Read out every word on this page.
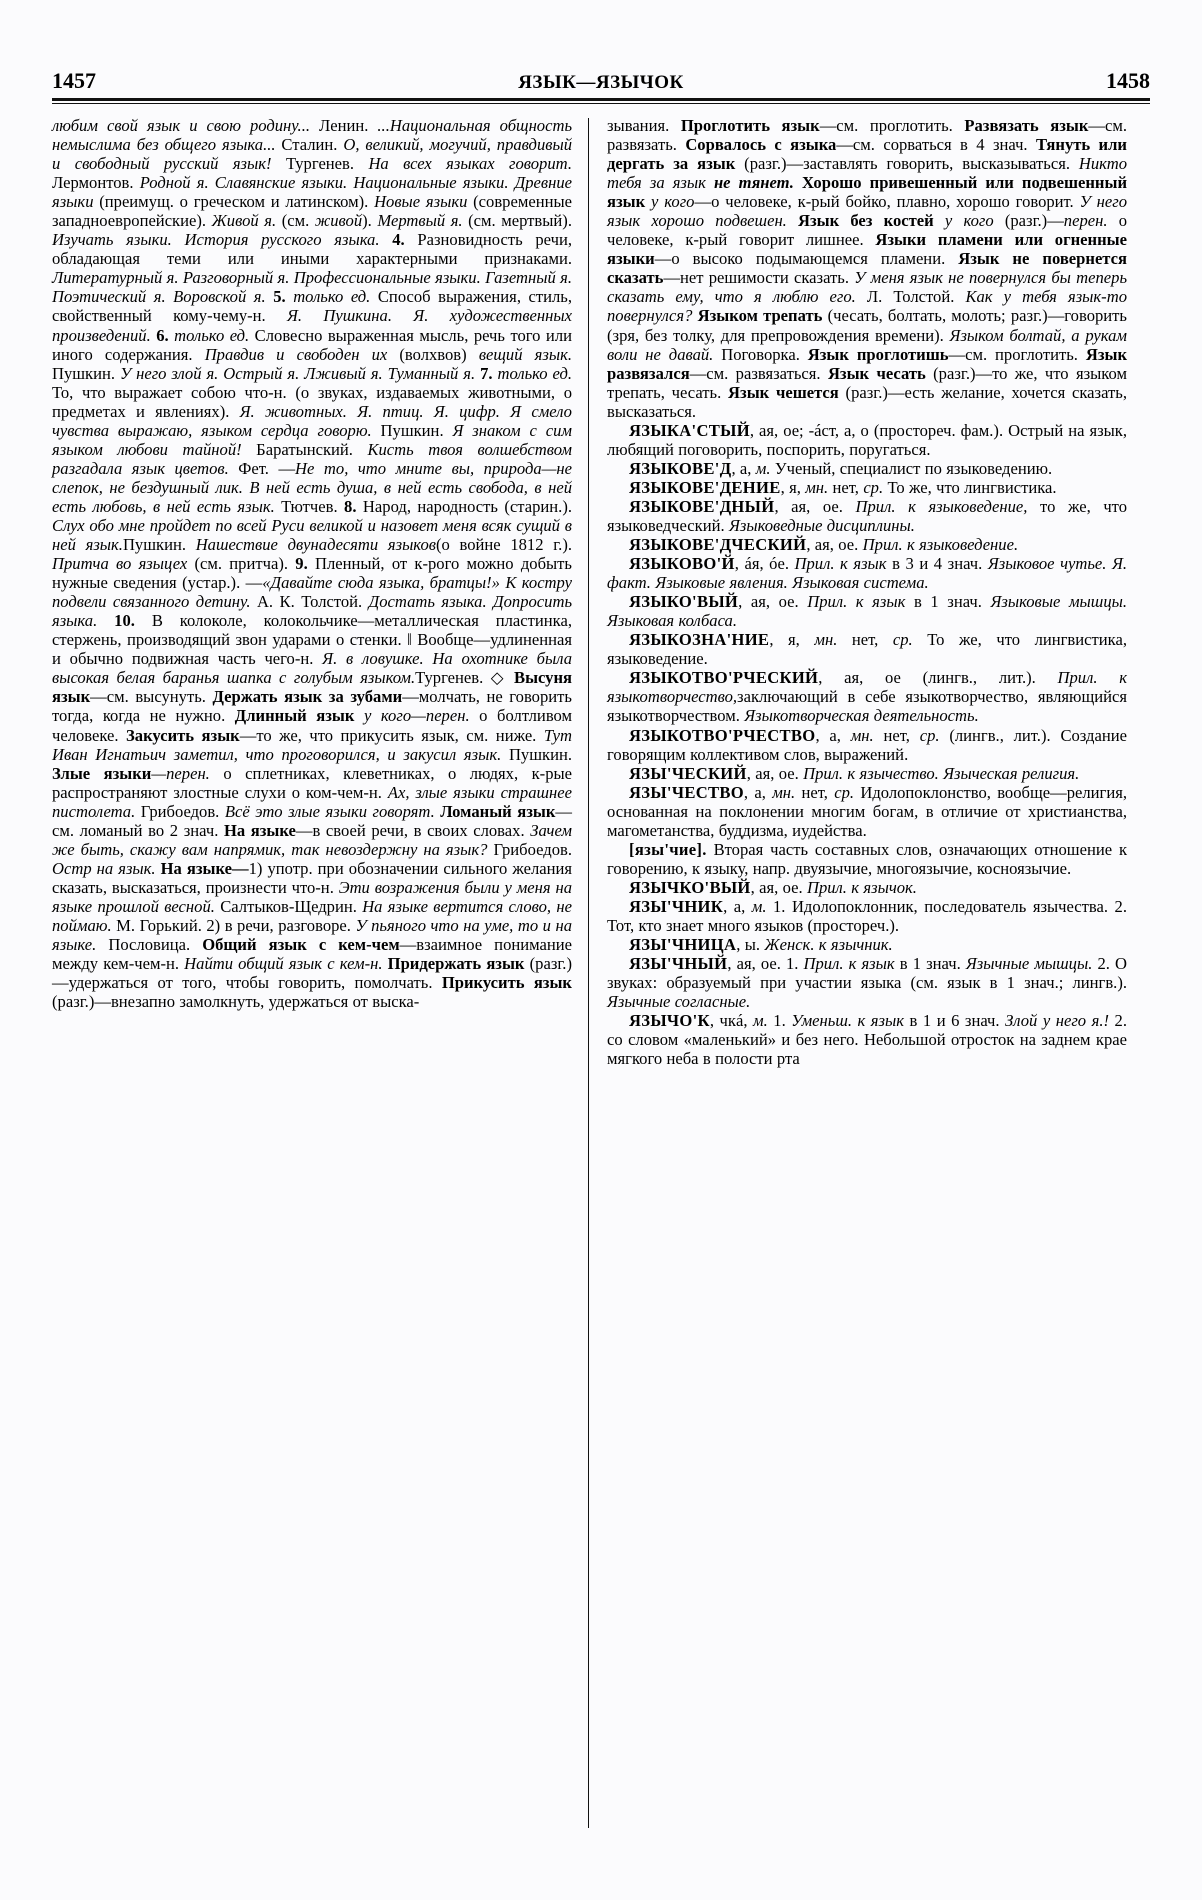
1457	ЯЗЫК—ЯЗЫЧОК	1458

любим свой язык и свою родину... Ленин. ...Национальная общность немыслима без общего языка... Сталин. О, великий, могучий, правдивый и свободный русский язык! Тургенев. На всех языках говорит. Лермонтов. Родной я. Славянские языки. Национальные языки. Древние языки (преимущ. о греческом и латинском). Новые языки (современные западноевропейские). Живой я. (см. живой). Мертвый я. (см. мертвый). Изучать языки. История русского языка. 4. Разновидность речи, обладающая теми или иными характерными признаками. Литературный я. Разговорный я. Профессиональные языки. Газетный я. Поэтический я. Воровской я. 5. только ед. Способ выражения, стиль, свойственный кому-чему-н. Я. Пушкина. Я. художественных произведений. 6. только ед. Словесно выраженная мысль, речь того или иного содержания. Правдив и свободен их (волхвов) вещий язык. Пушкин. У него злой я. Острый я. Лживый я. Туманный я. 7. только ед. То, что выражает собою что-н. (о звуках, издаваемых животными, о предметах и явлениях). Я. животных. Я. птиц. Я. цифр. Я смело чувства выражаю, языком сердца говорю. Пушкин. Я знаком с сим языком любови тайной! Баратынский. Кисть твоя волшебством разгадала язык цветов. Фет. —Не то, что мните вы, природа—не слепок, не бездушный лик. В ней есть душа, в ней есть свобода, в ней есть любовь, в ней есть язык. Тютчев. 8. Народ, народность (старин.). Слух обо мне пройдет по всей Руси великой и назовет меня всяк сущий в ней язык.Пушкин. Нашествие двунадесяти языков(о войне 1812 г.). Притча во языцех (см. притча). 9. Пленный, от к-рого можно добыть нужные сведения (устар.). —«Давайте сюда языка, братцы!» К костру подвели связанного детину. А. К. Толстой. Достать языка. Допросить языка. 10. В колоколе, колокольчике—металлическая пластинка, стержень, производящий звон ударами о стенки. ‖ Вообще—удлиненная и обычно подвижная часть чего-н. Я. в ловушке. На охотнике была высокая белая баранья шапка с голубым языком.Тургенев. ◇ Высуня язык—см. высунуть. Держать язык за зубами—молчать, не говорить тогда, когда не нужно. Длинный язык у кого—перен. о болтливом человеке. Закусить язык—то же, что прикусить язык, см. ниже. Тут Иван Игнатьич заметил, что проговорился, и закусил язык. Пушкин. Злые языки—перен. о сплетниках, клеветниках, о людях, к-рые распространяют злостные слухи о ком-чем-н. Ах, злые языки страшнее пистолета. Грибоедов. Всё это злые языки говорят. Ломаный язык—см. ломаный во 2 знач. На языке—в своей речи, в своих словах. Зачем же быть, скажу вам напрямик, так невоздержну на язык? Грибоедов. Остр на язык. На языке—1) употр. при обозначении сильного желания сказать, высказаться, произнести что-н. Эти возражения были у меня на языке прошлой весной. Салтыков-Щедрин. На языке вертится слово, не поймаю. М. Горький. 2) в речи, разговоре. У пьяного что на уме, то и на языке. Пословица. Общий язык с кем-чем—взаимное понимание между кем-чем-н. Найти общий язык с кем-н. Придержать язык (разг.)—удержаться от того, чтобы говорить, помолчать. Прикусить язык (разг.)—внезапно замолкнуть, удержаться от выска-

зывания. Проглотить язык—см. проглотить. Развязать язык—см. развязать. Сорвалось с языка—см. сорваться в 4 знач. Тянуть или дергать за язык (разг.)—заставлять говорить, высказываться. Никто тебя за язык не тянет. Хорошо привешенный или подвешенный язык у кого—о человеке, к-рый бойко, плавно, хорошо говорит. У него язык хорошо подвешен. Язык без костей у кого (разг.)—перен. о человеке, к-рый говорит лишнее. Языки пламени или огненные языки—о высоко подымающемся пламени. Язык не повернется сказать—нет решимости сказать. У меня язык не повернулся бы теперь сказать ему, что я люблю его. Л. Толстой. Как у тебя язык-то повернулся? Языком трепать (чесать, болтать, молоть; разг.)—говорить (зря, без толку, для препровождения времени). Языком болтай, а рукам воли не давай. Поговорка. Язык проглотишь—см. проглотить. Язык развязался—см. развязаться. Язык чесать (разг.)—то же, что языком трепать, чесать. Язык чешется (разг.)—есть желание, хочется сказать, высказаться.

ЯЗЫКА'СТЫЙ, ая, ое; -áст, а, о (простореч. фам.). Острый на язык, любящий поговорить, поспорить, поругаться.

ЯЗЫКОВЕ'Д, а, м. Ученый, специалист по языковедению.

ЯЗЫКОВЕ'ДЕНИЕ, я, мн. нет, ср. То же, что лингвистика.

ЯЗЫКОВЕ'ДНЫЙ, ая, ое. Прил. к языковедение, то же, что языковедческий. Языковедные дисциплины.

ЯЗЫКОВЕ'ДЧЕСКИЙ, ая, ое. Прил. к языковедение.

ЯЗЫКОВО'Й, áя, óе. Прил. к язык в 3 и 4 знач. Языковое чутье. Я. факт. Языковые явления. Языковая система.

ЯЗЫКО'ВЫЙ, ая, ое. Прил. к язык в 1 знач. Языковые мышцы. Языковая колбаса.

ЯЗЫКОЗНА'НИЕ, я, мн. нет, ср. То же, что лингвистика, языковедение.

ЯЗЫКОТВО'РЧЕСКИЙ, ая, ое (лингв., лит.). Прил. к языкотворчество,заключающий в себе языкотворчество, являющийся языкотворчеством. Языкотворческая деятельность.

ЯЗЫКОТВО'РЧЕСТВО, а, мн. нет, ср. (лингв., лит.). Создание говорящим коллективом слов, выражений.

ЯЗЫ'ЧЕСКИЙ, ая, ое. Прил. к язычество. Языческая религия.

ЯЗЫ'ЧЕСТВО, а, мн. нет, ср. Идолопоклонство, вообще—религия, основанная на поклонении многим богам, в отличие от христианства, магометанства, буддизма, иудейства.

[язы'чие]. Вторая часть составных слов, означающих отношение к говорению, к языку, напр. двуязычие, многоязычие, косноязычие.

ЯЗЫЧКО'ВЫЙ, ая, ое. Прил. к язычок.

ЯЗЫ'ЧНИК, а, м. 1. Идолопоклонник, последователь язычества. 2. Тот, кто знает много языков (простореч.).

ЯЗЫ'ЧНИЦА, ы. Женск. к язычник.

ЯЗЫ'ЧНЫЙ, ая, ое. 1. Прил. к язык в 1 знач. Язычные мышцы. 2. О звуках: образуемый при участии языка (см. язык в 1 знач.; лингв.). Язычные согласные.

ЯЗЫЧО'К, чкá, м. 1. Уменьш. к язык в 1 и 6 знач. Злой у него я.! 2. со словом «маленький» и без него. Небольшой отросток на заднем крае мягкого неба в полости рта
